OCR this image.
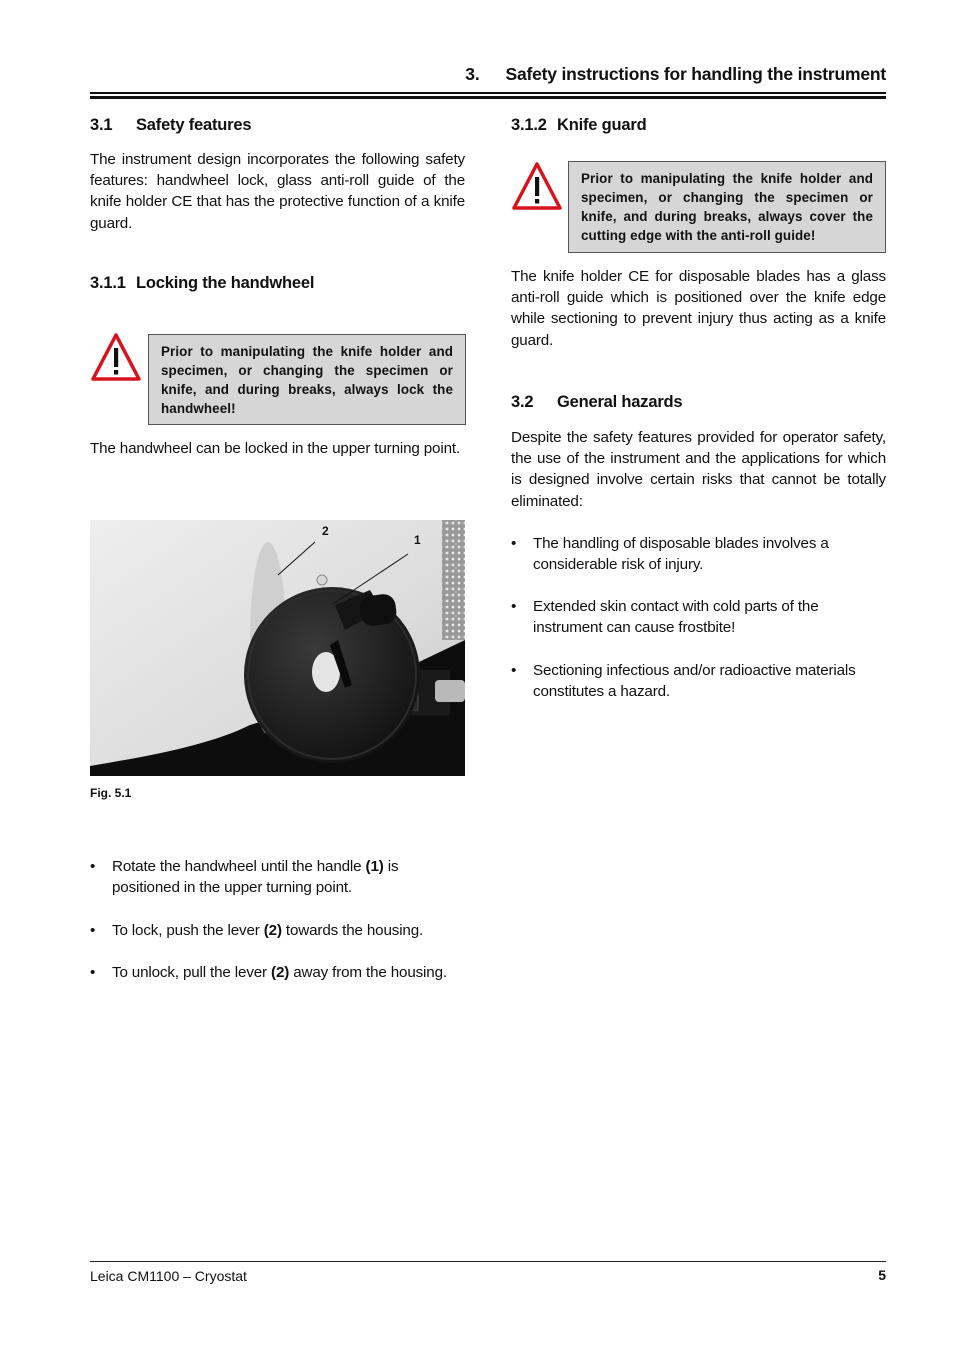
3. Safety instructions for handling the instrument
3.1 Safety features
The instrument design incorporates the following safety features: handwheel lock, glass anti-roll guide of the knife holder CE that has the protective function of a knife guard.
3.1.1 Locking the handwheel
Prior to manipulating the knife holder and specimen, or changing the specimen or knife, and during breaks, always lock the handwheel!
The handwheel can be locked in the upper turning point.
2
1
Fig. 5.1
• Rotate the handwheel until the handle (1) is positioned in the upper turning point.
• To lock, push the lever (2) towards the housing.
• To unlock, pull the lever (2) away from the housing.
3.1.2 Knife guard
Prior to manipulating the knife holder and specimen, or changing the specimen or knife, and during breaks, always cover the cutting edge with the anti-roll guide!
The knife holder CE for disposable blades has a glass anti-roll guide which is positioned over the knife edge while sectioning to prevent injury thus acting as a knife guard.
3.2 General hazards
Despite the safety features provided for operator safety, the use of the instrument and the applications for which is designed involve certain risks that cannot be totally eliminated:
• The handling of disposable blades involves a considerable risk of injury.
• Extended skin contact with cold parts of the instrument can cause frostbite!
• Sectioning infectious and/or radioactive materials constitutes a hazard.
Leica CM1100 – Cryostat	5
